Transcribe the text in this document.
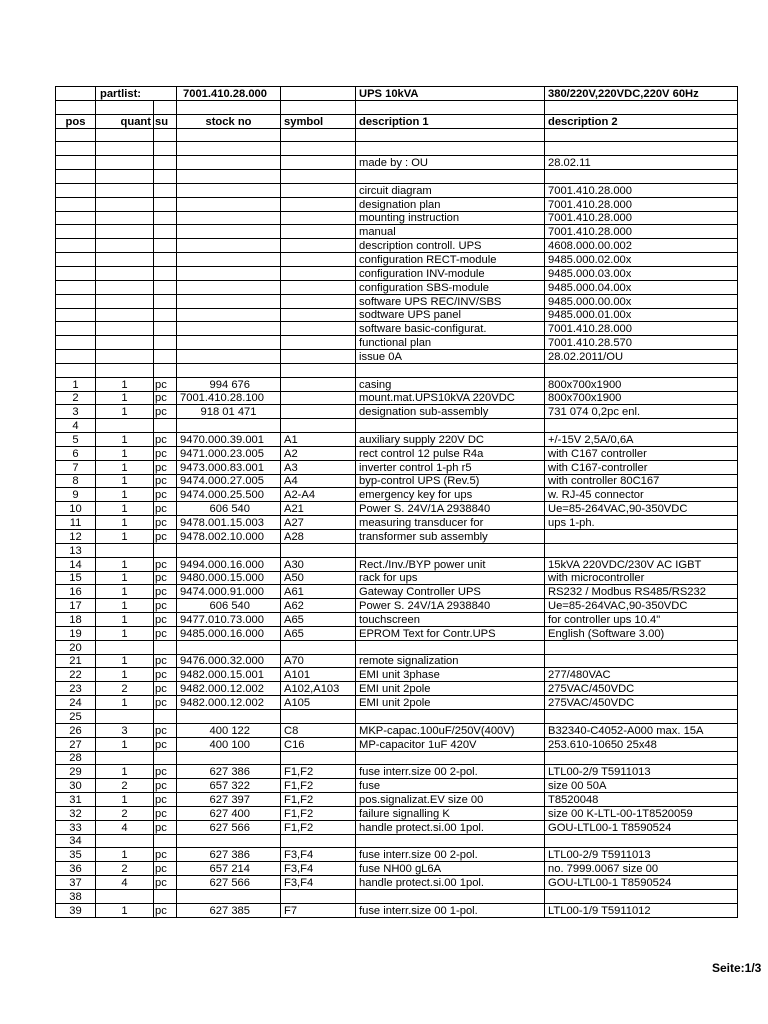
	partlist:		7001.410.28.000		UPS 10kVA	380/220V,220VDC,220V 60Hz

pos	quant	su	stock no	symbol	description 1	description 2

					made by : OU	28.02.11

					circuit diagram	7001.410.28.000
					designation plan	7001.410.28.000
					mounting instruction	7001.410.28.000
					manual	7001.410.28.000
					description controll. UPS	4608.000.00.002
					configuration RECT-module	9485.000.02.00x
					configuration INV-module	9485.000.03.00x
					configuration SBS-module	9485.000.04.00x
					software UPS REC/INV/SBS	9485.000.00.00x
					sodtware UPS panel	9485.000.01.00x
					software basic-configurat.	7001.410.28.000
					functional plan	7001.410.28.570
					issue 0A	28.02.2011/OU

1	1	pc	994 676		casing	800x700x1900
2	1	pc	7001.410.28.100		mount.mat.UPS10kVA 220VDC	800x700x1900
3	1	pc	918 01 471		designation sub-assembly	731 074 0,2pc enl.
4						
5	1	pc	9470.000.39.001	A1	auxiliary supply 220V DC	+/-15V 2,5A/0,6A
6	1	pc	9471.000.23.005	A2	rect control 12 pulse R4a	with C167 controller
7	1	pc	9473.000.83.001	A3	inverter control 1-ph r5	with C167-controller
8	1	pc	9474.000.27.005	A4	byp-control UPS (Rev.5)	with controller 80C167
9	1	pc	9474.000.25.500	A2-A4	emergency key for ups	w. RJ-45 connector
10	1	pc	606 540	A21	Power S. 24V/1A 2938840	Ue=85-264VAC,90-350VDC
11	1	pc	9478.001.15.003	A27	measuring transducer for	ups 1-ph.
12	1	pc	9478.002.10.000	A28	transformer sub assembly	
13						
14	1	pc	9494.000.16.000	A30	Rect./Inv./BYP power unit	15kVA 220VDC/230V AC IGBT
15	1	pc	9480.000.15.000	A50	rack for ups	with microcontroller
16	1	pc	9474.000.91.000	A61	Gateway Controller UPS	RS232 / Modbus RS485/RS232
17	1	pc	606 540	A62	Power S. 24V/1A 2938840	Ue=85-264VAC,90-350VDC
18	1	pc	9477.010.73.000	A65	touchscreen	for controller ups 10.4"
19	1	pc	9485.000.16.000	A65	EPROM Text for Contr.UPS	English (Software 3.00)
20						
21	1	pc	9476.000.32.000	A70	remote signalization	
22	1	pc	9482.000.15.001	A101	EMI unit 3phase	277/480VAC
23	2	pc	9482.000.12.002	A102,A103	EMI unit 2pole	275VAC/450VDC
24	1	pc	9482.000.12.002	A105	EMI unit 2pole	275VAC/450VDC
25						
26	3	pc	400 122	C8	MKP-capac.100uF/250V(400V)	B32340-C4052-A000 max. 15A
27	1	pc	400 100	C16	MP-capacitor 1uF 420V	253.610-10650 25x48
28						
29	1	pc	627 386	F1,F2	fuse interr.size 00 2-pol.	LTL00-2/9 T5911013
30	2	pc	657 322	F1,F2	fuse	size 00 50A
31	1	pc	627 397	F1,F2	pos.signalizat.EV size 00	T8520048
32	2	pc	627 400	F1,F2	failure signalling K	size 00 K-LTL-00-1T8520059
33	4	pc	627 566	F1,F2	handle protect.si.00 1pol.	GOU-LTL00-1 T8590524
34						
35	1	pc	627 386	F3,F4	fuse interr.size 00 2-pol.	LTL00-2/9 T5911013
36	2	pc	657 214	F3,F4	fuse NH00 gL6A	no. 7999.0067 size 00
37	4	pc	627 566	F3,F4	handle protect.si.00 1pol.	GOU-LTL00-1 T8590524
38						
39	1	pc	627 385	F7	fuse interr.size 00 1-pol.	LTL00-1/9 T5911012
Seite:1/3
